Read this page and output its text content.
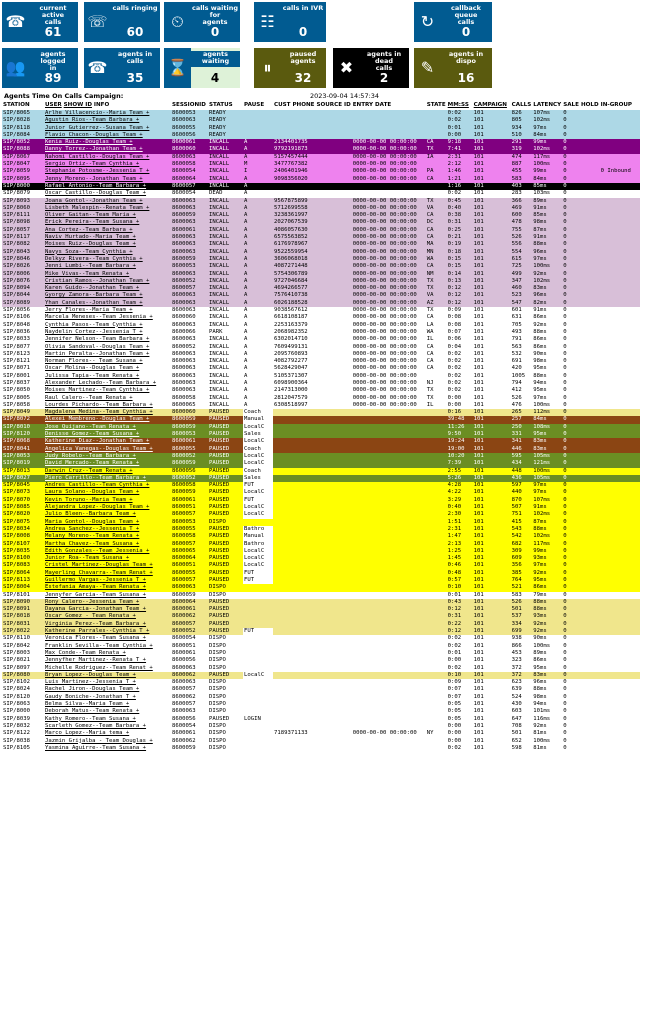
☎
current active
calls
61
☏
calls ringing
60
⏲
calls waiting for
agents
0
☷
calls in IVR
0
↻
callback queue
calls
0
👥
agents logged
in
89
☎
agents in
calls
35
⌛
agents waiting
4
⏸
paused
agents
32
✖
agents in dead
calls
2
✎
agents in dispo
16
Agents Time On Calls Campaign:	2023-09-04 14:57:34
STATION	USER SHOW ID INFO	SESSIONID	STATUS	PAUSE	CUST PHONE	SOURCE ID	ENTRY DATE	STATE	MM:SS	CAMPAIGN	CALLS	LATENCY	SALE	HOLD	IN-GROUP
SIP/8065	Arlhe Villacencio--Maria Team +	8600053	READY						0:02	101	826	107ms	0		
SIP/8028	Agustin Rios--Team Barbara +	8600063	READY						0:02	101	805	102ms	0		
SIP/8118	Junior Gutierrez--Susana Team +	8600055	READY						0:01	101	934	97ms	0		
SIP/8084	Flavio Chacon--Douglas Team +	8600056	READY						0:00	101	510	84ms	0		
SIP/8052	Kenia Ruiz--Douglas Team +	8600061	INCALL	A	2134401735		0000-00-00 00:00:00	CA	9:18	101	291	99ms	0		
SIP/8088	Danny Torrez--Jonathan Team +	8600060	INCALL	A	9792191873		0000-00-00 00:00:00	TX	7:41	101	319	102ms	0		
SIP/8067	Nahomi Castillo--Douglas Team +	8600063	INCALL	A	5157457444		0000-00-00 00:00:00	IA	2:31	101	474	117ms	0		
SIP/8047	Sergio Ortiz--Team Cynthia +	8600058	INCALL	M	3477767382		0000-00-00 00:00:00		2:12	101	887	100ms	0		
SIP/8059	Stephanie Potosme--Jessenia T +	8600054	INCALL	I	2406401946		0000-00-00 00:00:00	PA	1:46	101	455	99ms	0		0 Inbound
SIP/8095	Jenny Moreno--Jonathan Team +	8600064	INCALL	A	9098356020		0000-00-00 00:00:00	CA	1:21	101	583	84ms	0		
SIP/8000	Rafael Antonio--Team Barbara +	8600057	INCALL	A					1:16	101	403	85ms	0		
SIP/8079	Oscar Castillo--Douglas Team +	8600054	DEAD	A					0:02	101	283	103ms	0		
SIP/8093	Joana Gontol--Jonathan Team +	8600063	INCALL	A	9567875899		0000-00-00 00:00:00	TX	0:45	101	366	89ms	0		
SIP/8060	Lisbeth Malespin--Renata Team +	8600063	INCALL	A	5712699558		0000-00-00 00:00:00	VA	0:40	101	469	91ms	0		
SIP/8111	Oliver Gaitan--Team Maria +	8600059	INCALL	A	3238361997		0000-00-00 00:00:00	CA	0:38	101	600	85ms	0		
SIP/8098	Erick Pereira--Team Susana +	8600063	INCALL	A	2027067539		0000-00-00 00:00:00	DC	0:31	101	478	98ms	0		
SIP/8057	Ana Cortez--Team Barbara +	8600061	INCALL	A	4086057630		0000-00-00 00:00:00	CA	0:25	101	755	87ms	0		
SIP/8117	Naviv Hurtado--Maria Team +	8600063	INCALL	A	6575563852		0000-00-00 00:00:00	CA	0:21	101	526	91ms	0		
SIP/8082	Moises Ruiz--Douglas Team +	8600063	INCALL	A	6176978967		0000-00-00 00:00:00	MA	0:19	101	556	88ms	0		
SIP/8043	Navys Soza--Team Cynthia +	8600063	INCALL	A	9522559954		0000-00-00 00:00:00	MN	0:18	101	554	96ms	0		
SIP/8046	Delkyz Rivera--Team Cynthia +	8600059	INCALL	A	3606068018		0000-00-00 00:00:00	WA	0:15	101	615	97ms	0		
SIP/8026	Jenni Lumbi--Team Barbara +	8600053	INCALL	A	4087271448		0000-00-00 00:00:00	CA	0:15	101	725	100ms	0		
SIP/8006	Mike Vivas--Team Renata +	8600063	INCALL	A	5754306789		0000-00-00 00:00:00	NM	0:14	101	499	92ms	0		
SIP/8076	Cristian Ramos--Jonathan Team +	8600052	INCALL	A	9727046684		0000-00-00 00:00:00	TX	0:13	101	347	102ms	0		
SIP/8094	Karen Guido--Jonathan Team +	8600057	INCALL	A	4694266577		0000-00-00 00:00:00	TX	0:12	101	460	83ms	0		
SIP/8044	Gyorgy Zamora--Barbara Team +	8600063	INCALL	A	7576410738		0000-00-00 00:00:00	VA	0:12	101	523	96ms	0		
SIP/8089	Yhan Canales--Jonathan Team +	8600063	INCALL	A	6026188528		0000-00-00 00:00:00	AZ	0:12	101	547	82ms	0		
SIP/8056	Jerry Flores--Maria Team +	8600063	INCALL	A	9038567612		0000-00-00 00:00:00	TX	0:09	101	601	91ms	0		
SIP/8106	Marcela Meneses--Team Jessenia +	8600060	INCALL	A	6618108187		0000-00-00 00:00:00	CA	0:08	101	631	86ms	0		
SIP/8048	Cynthia Pasos--Team Cynthia +	8600063	INCALL	A	2253163379		0000-00-00 00:00:00	LA	0:08	101	705	92ms	0		
SIP/8036	Naydelin Cortez--Jessenia T +	8600066	PARK	A	2068982352		0000-00-00 00:00:00	WA	0:07	101	493	88ms	0		
SIP/8033	Jennifer Nelson--Team Barbara +	8600063	INCALL	A	6302014710		0000-00-00 00:00:00	IL	0:06	101	791	86ms	0		
SIP/8077	Olivia Sandoval--Douglas Team +	8600052	INCALL	A	7609499131		0000-00-00 00:00:00	CA	0:04	101	563	86ms	0		
SIP/8123	Martin Peralta--Jonathan Team +	8600063	INCALL	A	2095760893		0000-00-00 00:00:00	CA	0:02	101	532	90ms	0		
SIP/8121	Norman Flores-- Team Susana +	8600063	INCALL	A	4082792277		0000-00-00 00:00:00	CA	0:02	101	691	98ms	0		
SIP/8071	Oscar Molina--Douglas Team +	8600063	INCALL	A	5628429047		0000-00-00 00:00:00	CA	0:02	101	420	95ms	0		
SIP/8001	Julissa Tapia--Team Renata +	8600063	INCALL	A	5105371307		0000-00-00 00:00:00		0:02	101	1005	88ms	0		
SIP/8037	Alexander Lechado--Team Barbara +	8600063	INCALL	A	6098900364		0000-00-00 00:00:00	NJ	0:02	101	794	94ms	0		
SIP/8050	Moises Martinez--Team Cynthia +	8600063	INCALL	A	2147313000		0000-00-00 00:00:00	TX	0:02	101	412	95ms	0		
SIP/8005	Raul Calero--Team Renata +	8600058	INCALL	A	2812047579		0000-00-00 00:00:00	TX	0:00	101	526	97ms	0		
SIP/8058	Lourdes Pichardo--Team Barbara +	8600065	INCALL	A	6308518997		0000-00-00 00:00:00	IL	0:00	101	476	100ms	0		
SIP/8049	Magdalena Medina--Team Cynthia +	8600060	PAUSED	Coach					0:16	101	265	112ms	0		
SIP/8072	Alexei Membreno--Douglas Team +	8600059	PAUSED	Manual					39:48	101	257	84ms	0		
SIP/8010	Jose Quijano--Team Renata +	8600059	PAUSED	LocalC					11:26	101	250	108ms	0		
SIP/8120	Denisse Gomez--Team Susana +	8600053	PAUSED	Sales					9:50	101	331	95ms	0		
SIP/8068	Katherine Diaz--Jonathan Team +	8600061	PAUSED	LocalC					19:24	101	341	83ms	0		
SIP/8041	Angelica Vanegas--Douglas Team +	8600055	PAUSED	Coach					19:00	101	446	83ms	0		
SIP/8053	Judy Robelo--Team Barbara +	8600052	PAUSED	LocalC					10:20	101	595	105ms	0		
SIP/8019	David Mercado--Team Renata +	8600059	PAUSED	LocalC					7:39	101	434	121ms	0		
SIP/8013	Darwin Cruz--Team Renata +	8600056	PAUSED	Coach					2:55	101	448	100ms	0		
SIP/8027	Piero Carrillo--Team Barbara +	8600052	PAUSED	Sales					5:26	101	436	105ms	0		
SIP/8045	Andres Castillo--Team Cynthia +	8600058	PAUSED	FUT					4:28	101	597	97ms	0		
SIP/8073	Laura Solano--Douglas Team +	8600059	PAUSED	LocalC					4:22	101	440	97ms	0		
SIP/8070	Kevin Toruno--Maria Team +	8600061	PAUSED	FUT					3:29	101	870	107ms	0		
SIP/8085	Alejandra Lopez--Douglas Team +	8600051	PAUSED	LocalC					0:40	101	507	91ms	0		
SIP/8020	Julio Bleen--Barbara Team +	8600057	PAUSED	LocalC					2:30	101	751	102ms	0		
SIP/8075	Maria Gontol--Douglas Team +	8600053	DISPO						1:51	101	415	87ms	0		
SIP/8034	Andrea Sanchez--Jessenia T +	8600055	PAUSED	Bathro					2:31	101	543	88ms	0		
SIP/8008	Melany Moreno--Team Renata +	8600058	PAUSED	Manual					1:47	101	542	102ms	0		
SIP/8107	Martha Chavez--Team Susana +	8600057	PAUSED	Bathro					2:13	101	682	117ms	0		
SIP/8035	Edith Gonzales--Team Jessenia +	8600065	PAUSED	LocalC					1:25	101	309	99ms	0		
SIP/8100	Junior Roa--Team Susana +	8600064	PAUSED	LocalC					1:45	101	609	93ms	0		
SIP/8083	Cristel Martinez--Douglas Team +	8600051	PAUSED	LocalC					0:46	101	356	97ms	0		
SIP/8064	Mayerling Chavarra--Team Renat +	8600055	PAUSED	FUT					0:48	101	385	92ms	0		
SIP/8113	Guillermo Vargas--Jessenia T +	8600057	PAUSED	FUT					0:57	101	764	95ms	0		
SIP/8004	Estefania Amaya--Team Renata +	8600063	DISPO						0:10	101	521	86ms	0		
SIP/8101	Jennyfer Garcia--Team Susana +	8600059	DISPO						0:01	101	583	79ms	0		
SIP/8090	Rony Calero--Jessenia Team +	8600064	PAUSED						0:43	101	526	88ms	0		
SIP/8091	Dayana Garcia--Jonathan Team +	8600061	PAUSED						0:12	101	501	88ms	0		
SIP/8018	Oscar Gomez - Team Renata +	8600062	PAUSED						0:31	101	537	93ms	0		
SIP/8031	Virginia Perez--Team Barbara +	8600057	PAUSED						0:22	101	334	92ms	0		
SIP/8022	Katherine Parrales--Cynthia T +	8600052	PAUSED	FUT					0:12	101	699	92ms	0		
SIP/8110	Veronica Flores--Team Susana +	8600054	DISPO						0:02	101	938	90ms	0		
SIP/8042	Franklin Sevilla--Team Cynthia +	8600051	DISPO						0:02	101	866	100ms	0		
SIP/8003	Max Conde--Team Renata +	8600061	DISPO						0:01	101	453	89ms	0		
SIP/8021	Jennyfher Martinez--Renata T +	8600056	DISPO						0:00	101	323	86ms	0		
SIP/8097	Michelle Rodriguez--Team Renat +	8600063	DISPO						0:02	101	372	95ms	0		
SIP/8080	Bryan Lopez--Douglas Team +	8600062	PAUSED	LocalC					0:10	101	372	83ms	0		
SIP/8102	Luis Martinez--Jessenia T +	8600063	DISPO						0:09	101	623	96ms	0		
SIP/8024	Rachel Jiron--Douglas Team +	8600057	DISPO						0:07	101	639	88ms	0		
SIP/8120	Gaudy Boniche--Jonathan T +	8600062	DISPO						0:07	101	524	98ms	0		
SIP/8063	Belma Silva--Maria Team +	8600057	DISPO						0:05	101	430	94ms	0		
SIP/8000	Deborah Matus--Team Renata +	8600063	DISPO						0:05	101	603	101ms	0		
SIP/8039	Kathy Romero--Team Susana +	8600056	PAUSED	LOGIN					0:05	101	647	116ms	0		
SIP/8032	Scarleth Gomez--Team Barbara +	8600054	DISPO						0:00	101	708	92ms	0		
SIP/8122	Marco Lopez--Maria tema +	8600061	DISPO		7189371133		0000-00-00 00:00:00	NY	0:00	101	501	81ms	0		
SIP/8038	Jazmin Grijalba - Team Douglas +	8600062	DISPO						0:00	101	652	100ms	0		
SIP/8105	Yasmina Aguirre--Team Susana +	8600059	DISPO						0:02	101	598	81ms	0		
